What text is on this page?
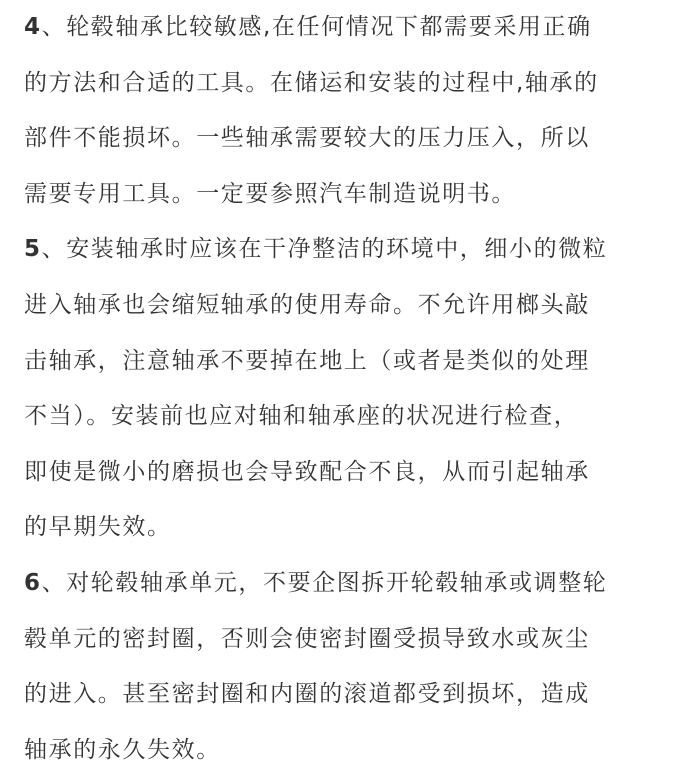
4、轮毂轴承比较敏感,在任何情况下都需要采用正确
的方法和合适的工具。在储运和安装的过程中,轴承的
部件不能损坏。一些轴承需要较大的压力压入，所以
需要专用工具。一定要参照汽车制造说明书。
5、安装轴承时应该在干净整洁的环境中，细小的微粒
进入轴承也会缩短轴承的使用寿命。不允许用榔头敲
击轴承，注意轴承不要掉在地上（或者是类似的处理
不当）。安装前也应对轴和轴承座的状况进行检查，
即使是微小的磨损也会导致配合不良，从而引起轴承
的早期失效。
6、对轮毂轴承单元，不要企图拆开轮毂轴承或调整轮
毂单元的密封圈，否则会使密封圈受损导致水或灰尘
的进入。甚至密封圈和内圈的滚道都受到损坏，造成
轴承的永久失效。
